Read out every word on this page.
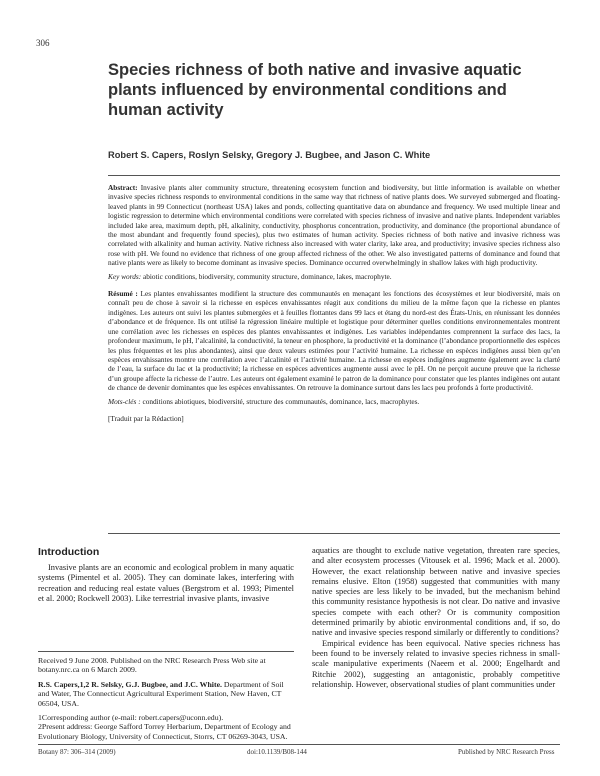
306
Species richness of both native and invasive aquatic plants influenced by environmental conditions and human activity
Robert S. Capers, Roslyn Selsky, Gregory J. Bugbee, and Jason C. White

Abstract: Invasive plants alter community structure, threatening ecosystem function and biodiversity, but little information is available on whether invasive species richness responds to environmental conditions in the same way that richness of native plants does. We surveyed submerged and floating-leaved plants in 99 Connecticut (northeast USA) lakes and ponds, collecting quantitative data on abundance and frequency. We used multiple linear and logistic regression to determine which environmental conditions were correlated with species richness of invasive and native plants. Independent variables included lake area, maximum depth, pH, alkalinity, conductivity, phosphorus concentration, productivity, and dominance (the proportional abundance of the most abundant and frequently found species), plus two estimates of human activity. Species richness of both native and invasive richness was correlated with alkalinity and human activity. Native richness also increased with water clarity, lake area, and productivity; invasive species richness also rose with pH. We found no evidence that richness of one group affected richness of the other. We also investigated patterns of dominance and found that native plants were as likely to become dominant as invasive species. Dominance occurred overwhelmingly in shallow lakes with high productivity.

Key words: abiotic conditions, biodiversity, community structure, dominance, lakes, macrophyte.

Résumé : Les plantes envahissantes modifient la structure des communautés en menaçant les fonctions des écosystèmes et leur biodiversité, mais on connaît peu de chose à savoir si la richesse en espèces envahissantes réagit aux conditions du milieu de la même façon que la richesse en plantes indigènes. Les auteurs ont suivi les plantes submergées et à feuilles flottantes dans 99 lacs et étang du nord-est des États-Unis, en réunissant les données d’abondance et de fréquence. Ils ont utilisé la régression linéaire multiple et logistique pour déterminer quelles conditions environnementales montrent une corrélation avec les richesses en espèces des plantes envahissantes et indigènes. Les variables indépendantes comprennent la surface des lacs, la profondeur maximum, le pH, l’alcalinité, la conductivité, la teneur en phosphore, la productivité et la dominance (l’abondance proportionnelle des espèces les plus fréquentes et les plus abondantes), ainsi que deux valeurs estimées pour l’activité humaine. La richesse en espèces indigènes aussi bien qu’en espèces envahissantes montre une corrélation avec l’alcalinité et l’activité humaine. La richesse en espèces indigènes augmente également avec la clarté de l’eau, la surface du lac et la productivité; la richesse en espèces adventices augmente aussi avec le pH. On ne perçoit aucune preuve que la richesse d’un groupe affecte la richesse de l’autre. Les auteurs ont également examiné le patron de la dominance pour constater que les plantes indigènes ont autant de chance de devenir dominantes que les espèces envahissantes. On retrouve la dominance surtout dans les lacs peu profonds à forte productivité.

Mots-clés : conditions abiotiques, biodiversité, structure des communautés, dominance, lacs, macrophytes.

[Traduit par la Rédaction]

Introduction

Invasive plants are an economic and ecological problem in many aquatic systems (Pimentel et al. 2005). They can dominate lakes, interfering with recreation and reducing real estate values (Bergstrom et al. 1993; Pimentel et al. 2000; Rockwell 2003). Like terrestrial invasive plants, invasive

Received 9 June 2008. Published on the NRC Research Press Web site at botany.nrc.ca on 6 March 2009.

R.S. Capers,1,2 R. Selsky, G.J. Bugbee, and J.C. White. Department of Soil and Water, The Connecticut Agricultural Experiment Station, New Haven, CT 06504, USA.

1Corresponding author (e-mail: robert.capers@uconn.edu).

2Present address: George Safford Torrey Herbarium, Department of Ecology and Evolutionary Biology, University of Connecticut, Storrs, CT 06269-3043, USA.

aquatics are thought to exclude native vegetation, threaten rare species, and alter ecosystem processes (Vitousek et al. 1996; Mack et al. 2000). However, the exact relationship between native and invasive species remains elusive. Elton (1958) suggested that communities with many native species are less likely to be invaded, but the mechanism behind this community resistance hypothesis is not clear. Do native and invasive species compete with each other? Or is community composition determined primarily by abiotic environmental conditions and, if so, do native and invasive species respond similarly or differently to conditions?

Empirical evidence has been equivocal. Native species richness has been found to be inversely related to invasive species richness in small-scale manipulative experiments (Naeem et al. 2000; Engelhardt and Ritchie 2002), suggesting an antagonistic, probably competitive relationship. However, observational studies of plant communities under

Botany 87: 306–314 (2009)	doi:10.1139/B08-144	Published by NRC Research Press
